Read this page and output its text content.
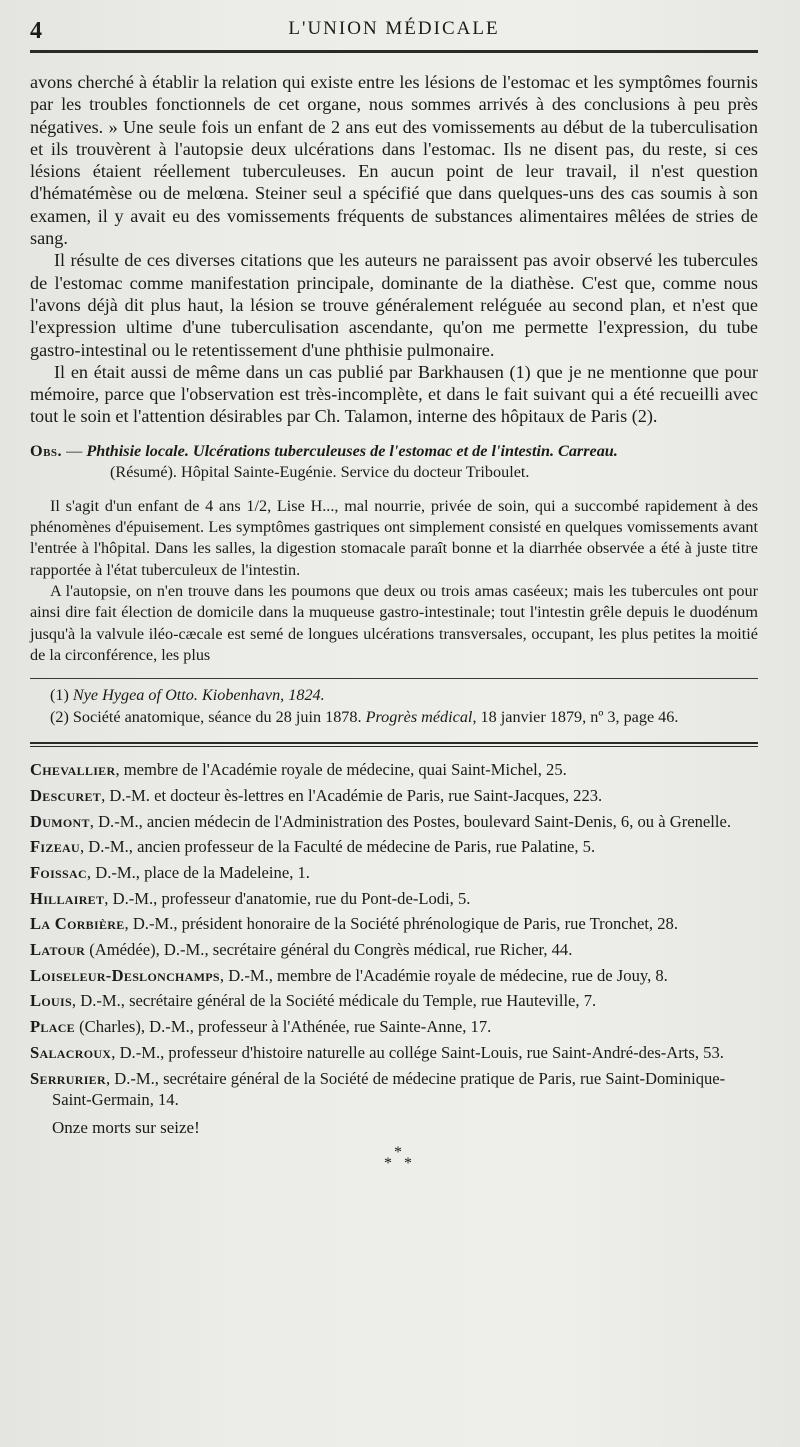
4	L'UNION MÉDICALE

avons cherché à établir la relation qui existe entre les lésions de l'estomac et les symptômes fournis par les troubles fonctionnels de cet organe, nous sommes arrivés à des conclusions à peu près négatives. » Une seule fois un enfant de 2 ans eut des vomissements au début de la tuberculisation et ils trouvèrent à l'autopsie deux ulcérations dans l'estomac. Ils ne disent pas, du reste, si ces lésions étaient réellement tuberculeuses. En aucun point de leur travail, il n'est question d'hématémèse ou de melœna. Steiner seul a spécifié que dans quelques-uns des cas soumis à son examen, il y avait eu des vomissements fréquents de substances alimentaires mêlées de stries de sang.

Il résulte de ces diverses citations que les auteurs ne paraissent pas avoir observé les tubercules de l'estomac comme manifestation principale, dominante de la diathèse. C'est que, comme nous l'avons déjà dit plus haut, la lésion se trouve généralement reléguée au second plan, et n'est que l'expression ultime d'une tuberculisation ascendante, qu'on me permette l'expression, du tube gastro-intestinal ou le retentissement d'une phthisie pulmonaire.

Il en était aussi de même dans un cas publié par Barkhausen (1) que je ne mentionne que pour mémoire, parce que l'observation est très-incomplète, et dans le fait suivant qui a été recueilli avec tout le soin et l'attention désirables par Ch. Talamon, interne des hôpitaux de Paris (2).

Obs. — Phthisie locale. Ulcérations tuberculeuses de l'estomac et de l'intestin. Carreau.
(Résumé). Hôpital Sainte-Eugénie. Service du docteur Triboulet.

Il s'agit d'un enfant de 4 ans 1/2, Lise H..., mal nourrie, privée de soin, qui a succombé rapidement à des phénomènes d'épuisement. Les symptômes gastriques ont simplement consisté en quelques vomissements avant l'entrée à l'hôpital. Dans les salles, la digestion stomacale paraît bonne et la diarrhée observée a été à juste titre rapportée à l'état tuberculeux de l'intestin.

A l'autopsie, on n'en trouve dans les poumons que deux ou trois amas caséeux; mais les tubercules ont pour ainsi dire fait élection de domicile dans la muqueuse gastro-intestinale; tout l'intestin grêle depuis le duodénum jusqu'à la valvule iléo-cæcale est semé de longues ulcérations transversales, occupant, les plus petites la moitié de la circonférence, les plus

(1) Nye Hygea of Otto. Kiobenhavn, 1824.

(2) Société anatomique, séance du 28 juin 1878. Progrès médical, 18 janvier 1879, nº 3, page 46.

Chevallier, membre de l'Académie royale de médecine, quai Saint-Michel, 25.

Descuret, D.-M. et docteur ès-lettres en l'Académie de Paris, rue Saint-Jacques, 223.

Dumont, D.-M., ancien médecin de l'Administration des Postes, boulevard Saint-Denis, 6, ou à Grenelle.

Fizeau, D.-M., ancien professeur de la Faculté de médecine de Paris, rue Palatine, 5.

Foissac, D.-M., place de la Madeleine, 1.

Hillairet, D.-M., professeur d'anatomie, rue du Pont-de-Lodi, 5.

La Corbière, D.-M., président honoraire de la Société phrénologique de Paris, rue Tronchet, 28.

Latour (Amédée), D.-M., secrétaire général du Congrès médical, rue Richer, 44.

Loiseleur-Deslonchamps, D.-M., membre de l'Académie royale de médecine, rue de Jouy, 8.

Louis, D.-M., secrétaire général de la Société médicale du Temple, rue Hauteville, 7.

Place (Charles), D.-M., professeur à l'Athénée, rue Sainte-Anne, 17.

Salacroux, D.-M., professeur d'histoire naturelle au collége Saint-Louis, rue Saint-André-des-Arts, 53.

Serrurier, D.-M., secrétaire général de la Société de médecine pratique de Paris, rue Saint-Dominique-Saint-Germain, 14.

Onze morts sur seize!
*
* *
